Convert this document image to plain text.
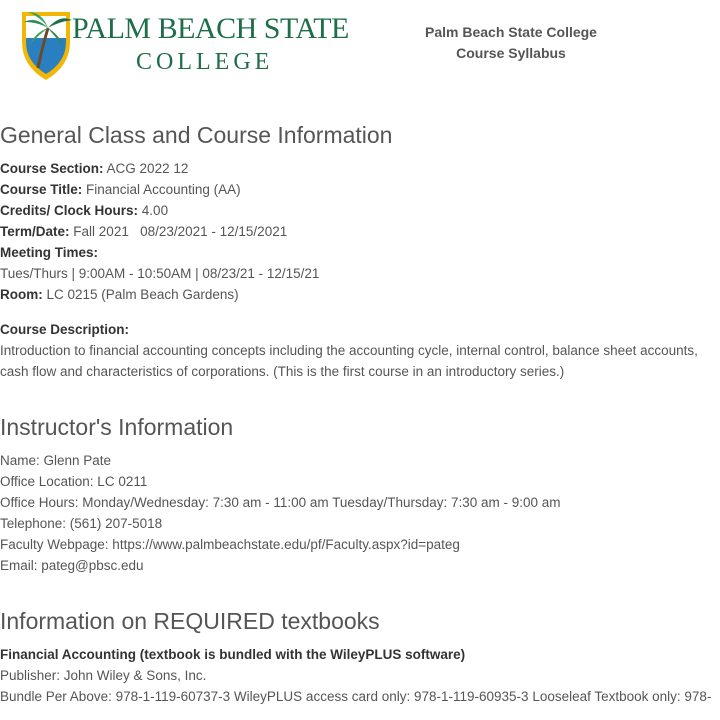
PALM BEACH STATE
COLLEGE
Palm Beach State College
Course Syllabus
General Class and Course Information
Course Section: ACG 2022 12
Course Title: Financial Accounting (AA)
Credits/ Clock Hours: 4.00
Term/Date: Fall 2021   08/23/2021 - 12/15/2021
Meeting Times:
Tues/Thurs | 9:00AM - 10:50AM | 08/23/21 - 12/15/21
Room: LC 0215 (Palm Beach Gardens)
Course Description:
Introduction to financial accounting concepts including the accounting cycle, internal control, balance sheet accounts, cash flow and characteristics of corporations. (This is the first course in an introductory series.)
Instructor's Information
Name: Glenn Pate
Office Location: LC 0211
Office Hours: Monday/Wednesday: 7:30 am - 11:00 am Tuesday/Thursday: 7:30 am - 9:00 am
Telephone: (561) 207-5018
Faculty Webpage: https://www.palmbeachstate.edu/pf/Faculty.aspx?id=pateg
Email: pateg@pbsc.edu
Information on REQUIRED textbooks
Financial Accounting (textbook is bundled with the WileyPLUS software)
Publisher: John Wiley & Sons, Inc.
Bundle Per Above: 978-1-119-60737-3 WileyPLUS access card only: 978-1-119-60935-3 Looseleaf Textbook only: 978-
